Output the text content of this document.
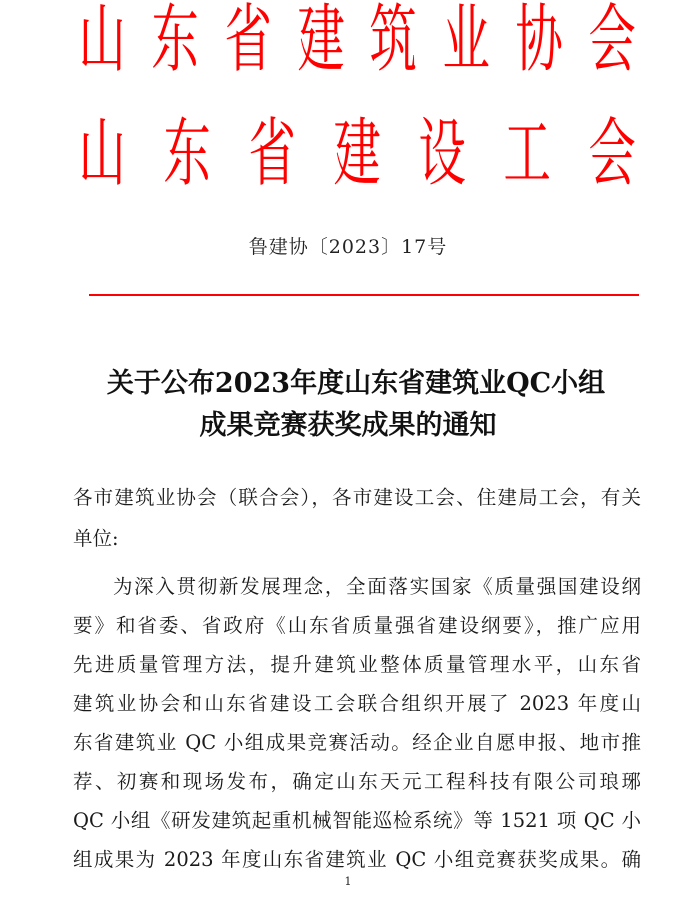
山 东 省 建 筑 业 协 会
山 东 省 建 设 工 会
鲁建协〔2023〕17号
关于公布2023年度山东省建筑业QC小组
成果竞赛获奖成果的通知
各市建筑业协会（联合会），各市建设工会、住建局工会，有关
单位:
为深入贯彻新发展理念，全面落实国家《质量强国建设纲
要》和省委、省政府《山东省质量强省建设纲要》，推广应用
先进质量管理方法，提升建筑业整体质量管理水平，山东省
建筑业协会和山东省建设工会联合组织开展了 2023 年度山
东省建筑业 QC 小组成果竞赛活动。经企业自愿申报、地市推
荐、初赛和现场发布，确定山东天元工程科技有限公司琅琊
QC 小组《研发建筑起重机械智能巡检系统》等 1521 项 QC 小
组成果为 2023 年度山东省建筑业 QC 小组竞赛获奖成果。确
1
